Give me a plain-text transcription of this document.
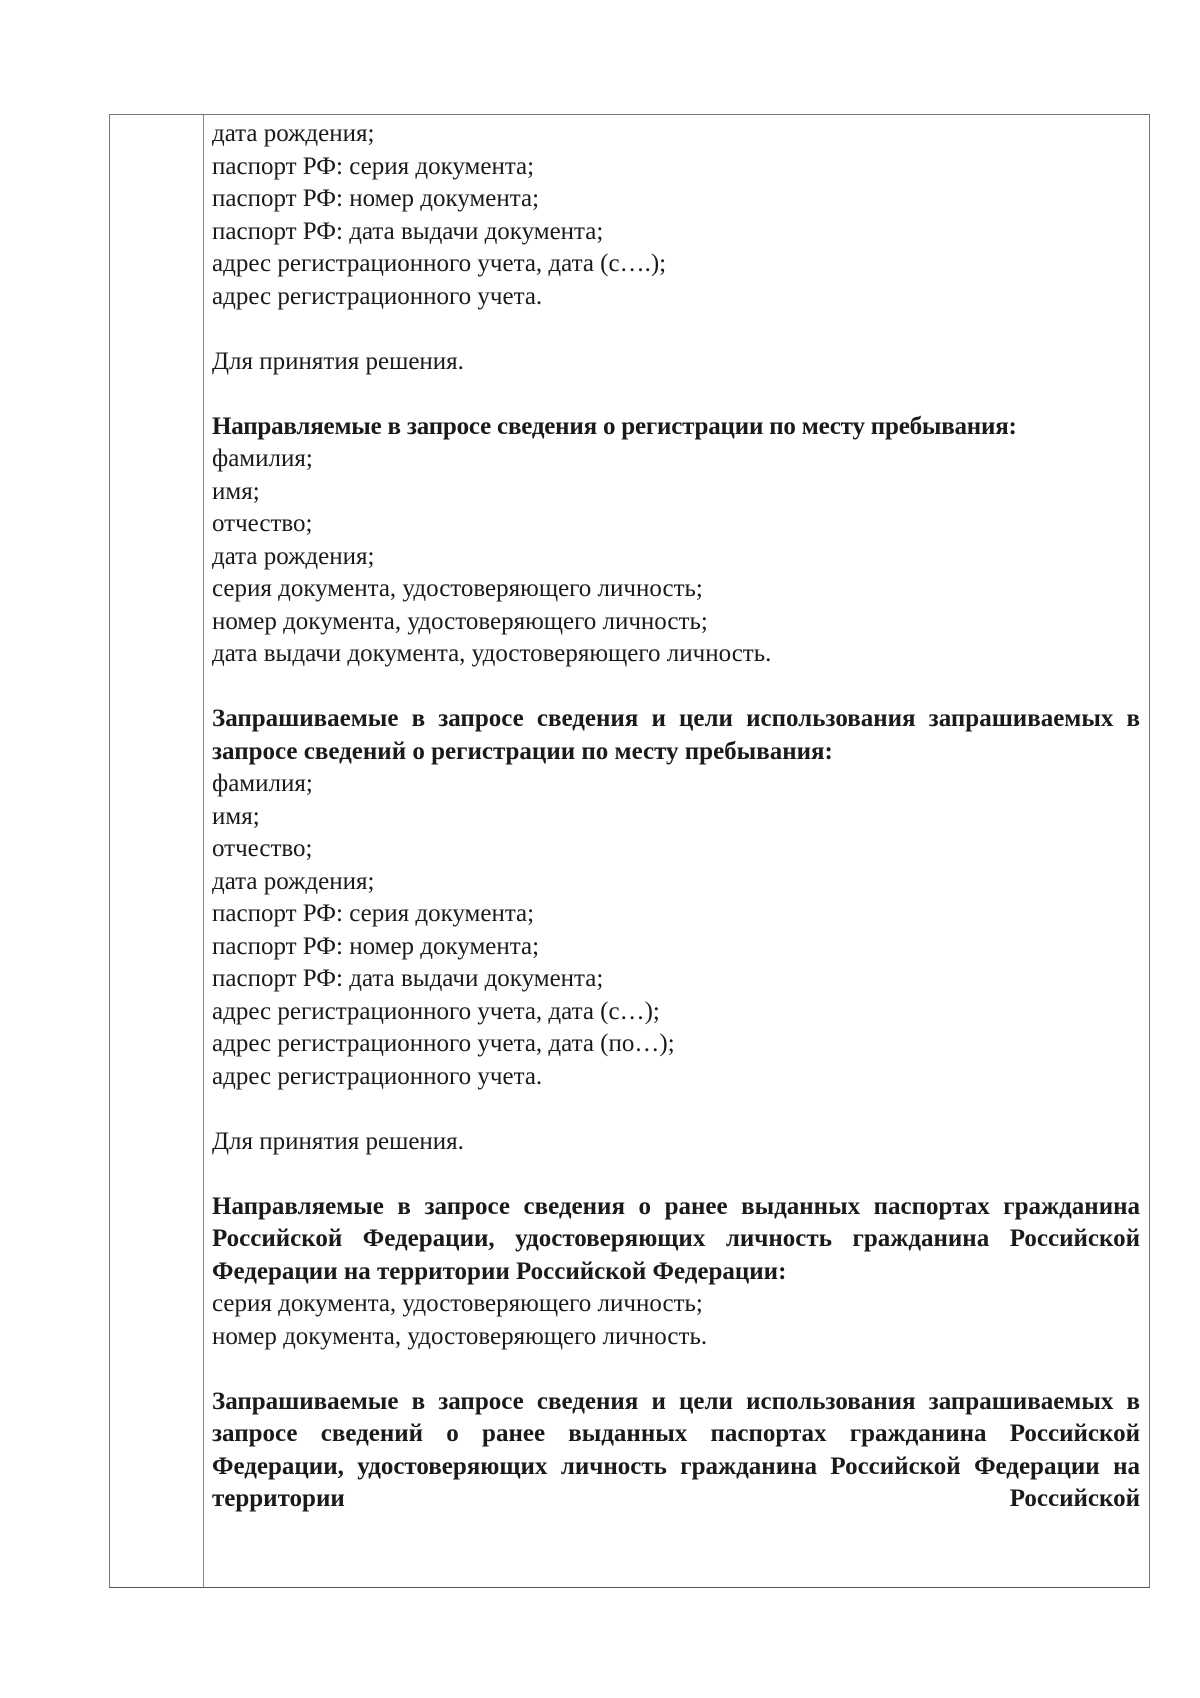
дата рождения;
паспорт РФ: серия документа;
паспорт РФ: номер документа;
паспорт РФ: дата выдачи документа;
адрес регистрационного учета, дата (с….);
адрес регистрационного учета.
Для принятия решения.
Направляемые в запросе сведения о регистрации по месту пребывания:
фамилия;
имя;
отчество;
дата рождения;
серия документа, удостоверяющего личность;
номер документа, удостоверяющего личность;
дата выдачи документа, удостоверяющего личность.
Запрашиваемые в запросе сведения и цели использования запрашиваемых в запросе сведений о регистрации по месту пребывания:
фамилия;
имя;
отчество;
дата рождения;
паспорт РФ: серия документа;
паспорт РФ: номер документа;
паспорт РФ: дата выдачи документа;
адрес регистрационного учета, дата (с…);
адрес регистрационного учета, дата (по…);
адрес регистрационного учета.
Для принятия решения.
Направляемые в запросе сведения о ранее выданных паспортах гражданина Российской Федерации, удостоверяющих личность гражданина Российской Федерации на территории Российской Федерации:
серия документа, удостоверяющего личность;
номер документа, удостоверяющего личность.
Запрашиваемые в запросе сведения и цели использования запрашиваемых в запросе сведений о ранее выданных паспортах гражданина Российской Федерации, удостоверяющих личность гражданина Российской Федерации на территории Российской
